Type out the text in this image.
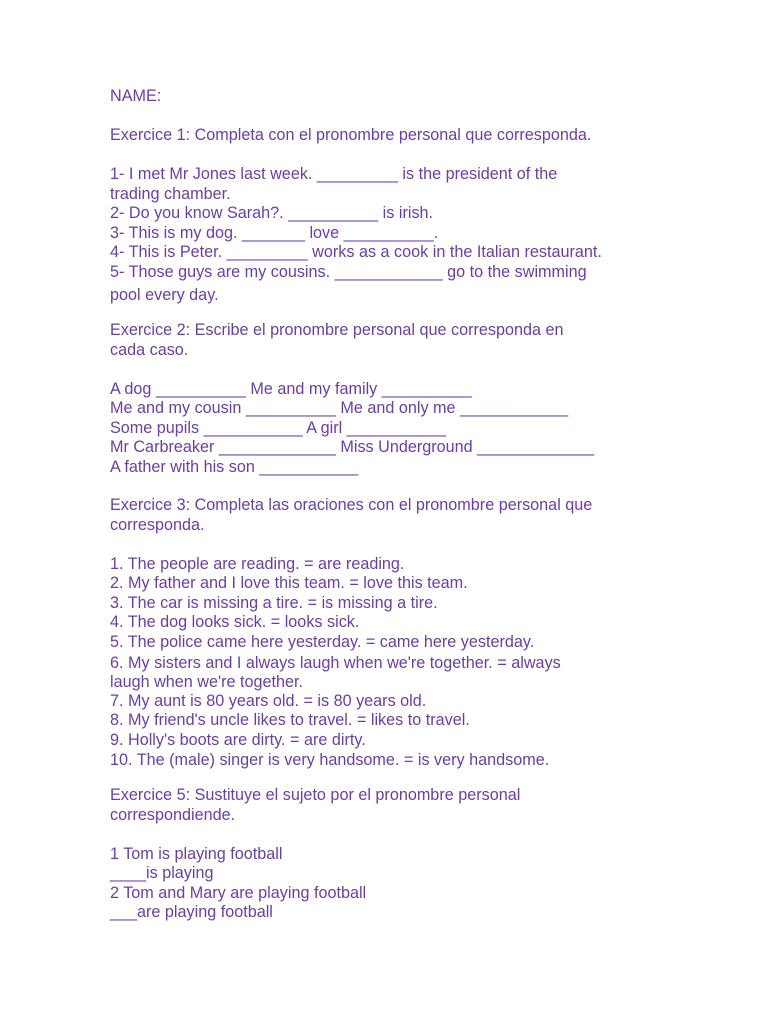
NAME:
Exercice 1: Completa con el pronombre personal que corresponda.
1- I met Mr Jones last week. _________ is the president of the
trading chamber.
2- Do you know Sarah?. __________ is irish.
3- This is my dog. _______ love __________.
4- This is Peter. _________ works as a cook in the Italian restaurant.
5- Those guys are my cousins. ____________ go to the swimming
pool every day.
Exercice 2: Escribe el pronombre personal que corresponda en
cada caso.
A dog __________ Me and my family __________
Me and my cousin __________ Me and only me ____________
Some pupils ___________ A girl ___________
Mr Carbreaker _____________ Miss Underground _____________
A father with his son ___________
Exercice 3: Completa las oraciones con el pronombre personal que
corresponda.
1. The people are reading. = are reading.
2. My father and I love this team. = love this team.
3. The car is missing a tire. = is missing a tire.
4. The dog looks sick. = looks sick.
5. The police came here yesterday. = came here yesterday.
6. My sisters and I always laugh when we're together. = always
laugh when we're together.
7. My aunt is 80 years old. = is 80 years old.
8. My friend's uncle likes to travel. = likes to travel.
9. Holly's boots are dirty. = are dirty.
10. The (male) singer is very handsome. = is very handsome.
Exercice 5: Sustituye el sujeto por el pronombre personal
correspondiende.
1 Tom is playing football
____is playing
2 Tom and Mary are playing football
___are playing football
